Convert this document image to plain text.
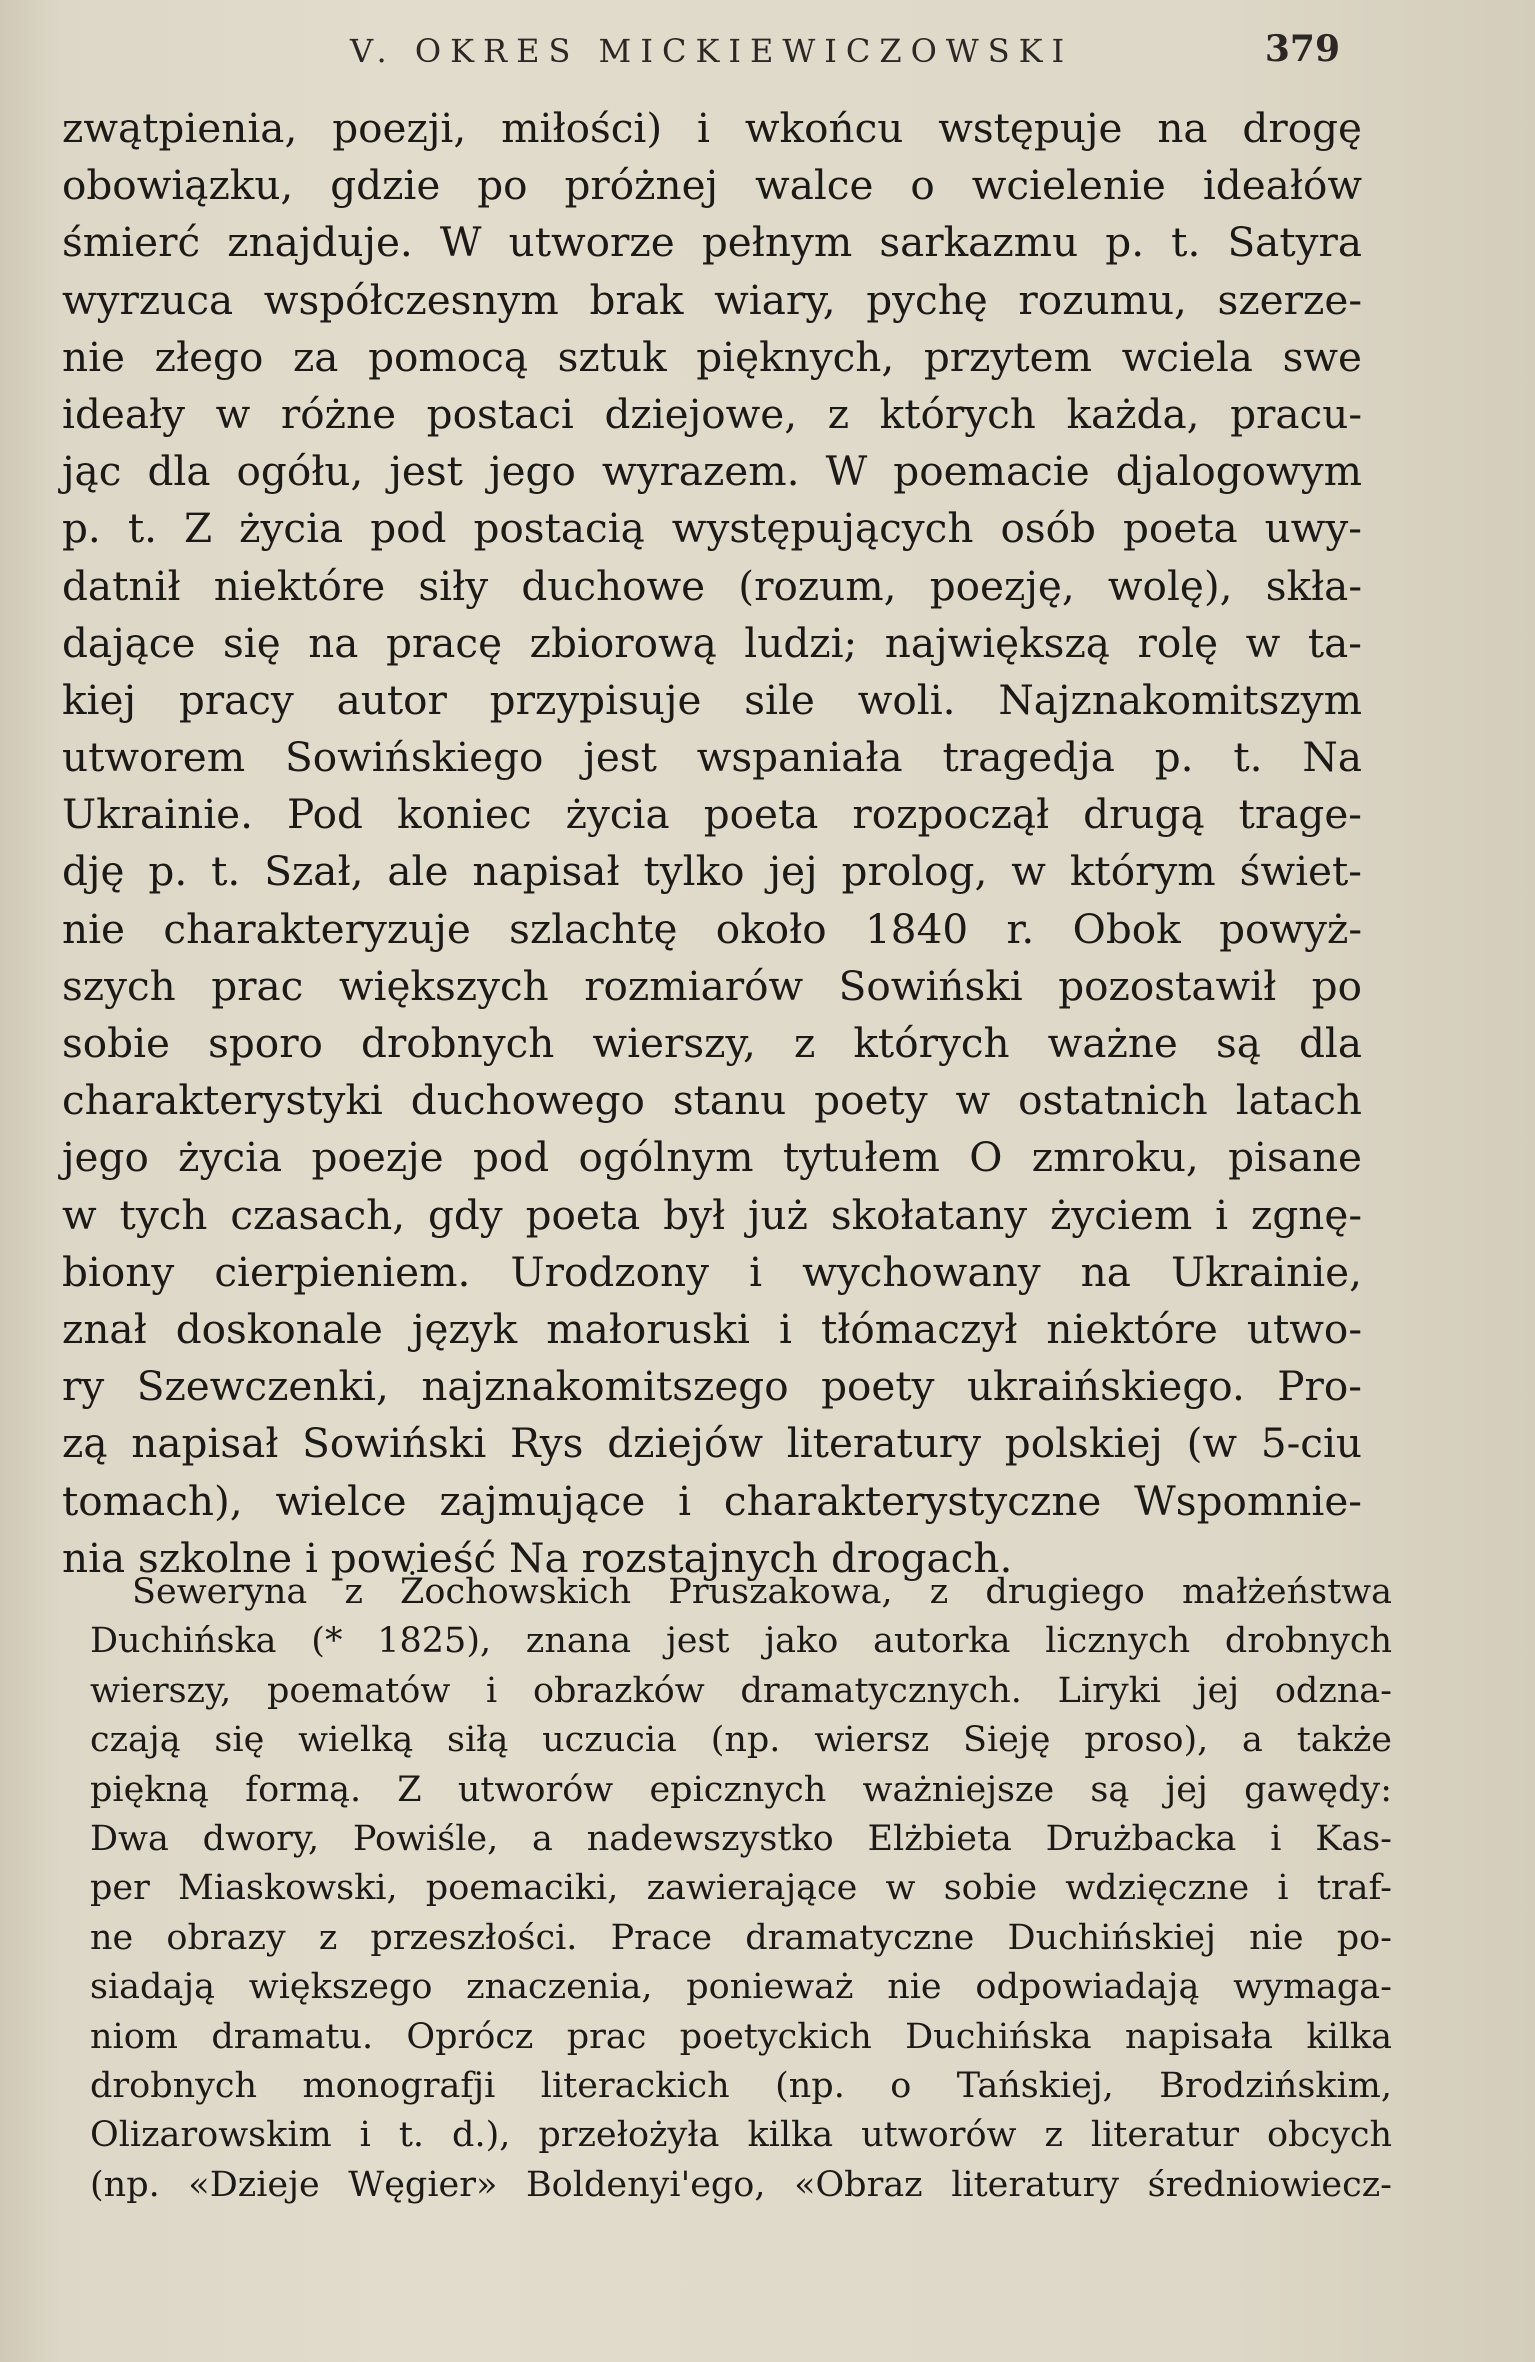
V. OKRES MICKIEWICZOWSKI	379
zwątpienia, poezji, miłości) i wkońcu wstępuje na drogę
obowiązku, gdzie po próżnej walce o wcielenie ideałów
śmierć znajduje. W utworze pełnym sarkazmu p. t. Satyra
wyrzuca współczesnym brak wiary, pychę rozumu, szerze-
nie złego za pomocą sztuk pięknych, przytem wciela swe
ideały w różne postaci dziejowe, z których każda, pracu-
jąc dla ogółu, jest jego wyrazem. W poemacie djalogowym
p. t. Z życia pod postacią występujących osób poeta uwy-
datnił niektóre siły duchowe (rozum, poezję, wolę), skła-
dające się na pracę zbiorową ludzi; największą rolę w ta-
kiej pracy autor przypisuje sile woli. Najznakomitszym
utworem Sowińskiego jest wspaniała tragedja p. t. Na
Ukrainie. Pod koniec życia poeta rozpoczął drugą trage-
dję p. t. Szał, ale napisał tylko jej prolog, w którym świet-
nie charakteryzuje szlachtę około 1840 r. Obok powyż-
szych prac większych rozmiarów Sowiński pozostawił po
sobie sporo drobnych wierszy, z których ważne są dla
charakterystyki duchowego stanu poety w ostatnich latach
jego życia poezje pod ogólnym tytułem O zmroku, pisane
w tych czasach, gdy poeta był już skołatany życiem i zgnę-
biony cierpieniem. Urodzony i wychowany na Ukrainie,
znał doskonale język małoruski i tłómaczył niektóre utwo-
ry Szewczenki, najznakomitszego poety ukraińskiego. Pro-
zą napisał Sowiński Rys dziejów literatury polskiej (w 5-ciu
tomach), wielce zajmujące i charakterystyczne Wspomnie-
nia szkolne i powieść Na rozstajnych drogach.
Seweryna z Żochowskich Pruszakowa, z drugiego małżeństwa
Duchińska (* 1825), znana jest jako autorka licznych drobnych
wierszy, poematów i obrazków dramatycznych. Liryki jej odzna-
czają się wielką siłą uczucia (np. wiersz Sieję proso), a także
piękną formą. Z utworów epicznych ważniejsze są jej gawędy:
Dwa dwory, Powiśle, a nadewszystko Elżbieta Drużbacka i Kas-
per Miaskowski, poemaciki, zawierające w sobie wdzięczne i traf-
ne obrazy z przeszłości. Prace dramatyczne Duchińskiej nie po-
siadają większego znaczenia, ponieważ nie odpowiadają wymaga-
niom dramatu. Oprócz prac poetyckich Duchińska napisała kilka
drobnych monografji literackich (np. o Tańskiej, Brodzińskim,
Olizarowskim i t. d.), przełożyła kilka utworów z literatur obcych
(np. «Dzieje Węgier» Boldenyi'ego, «Obraz literatury średniowiecz-
